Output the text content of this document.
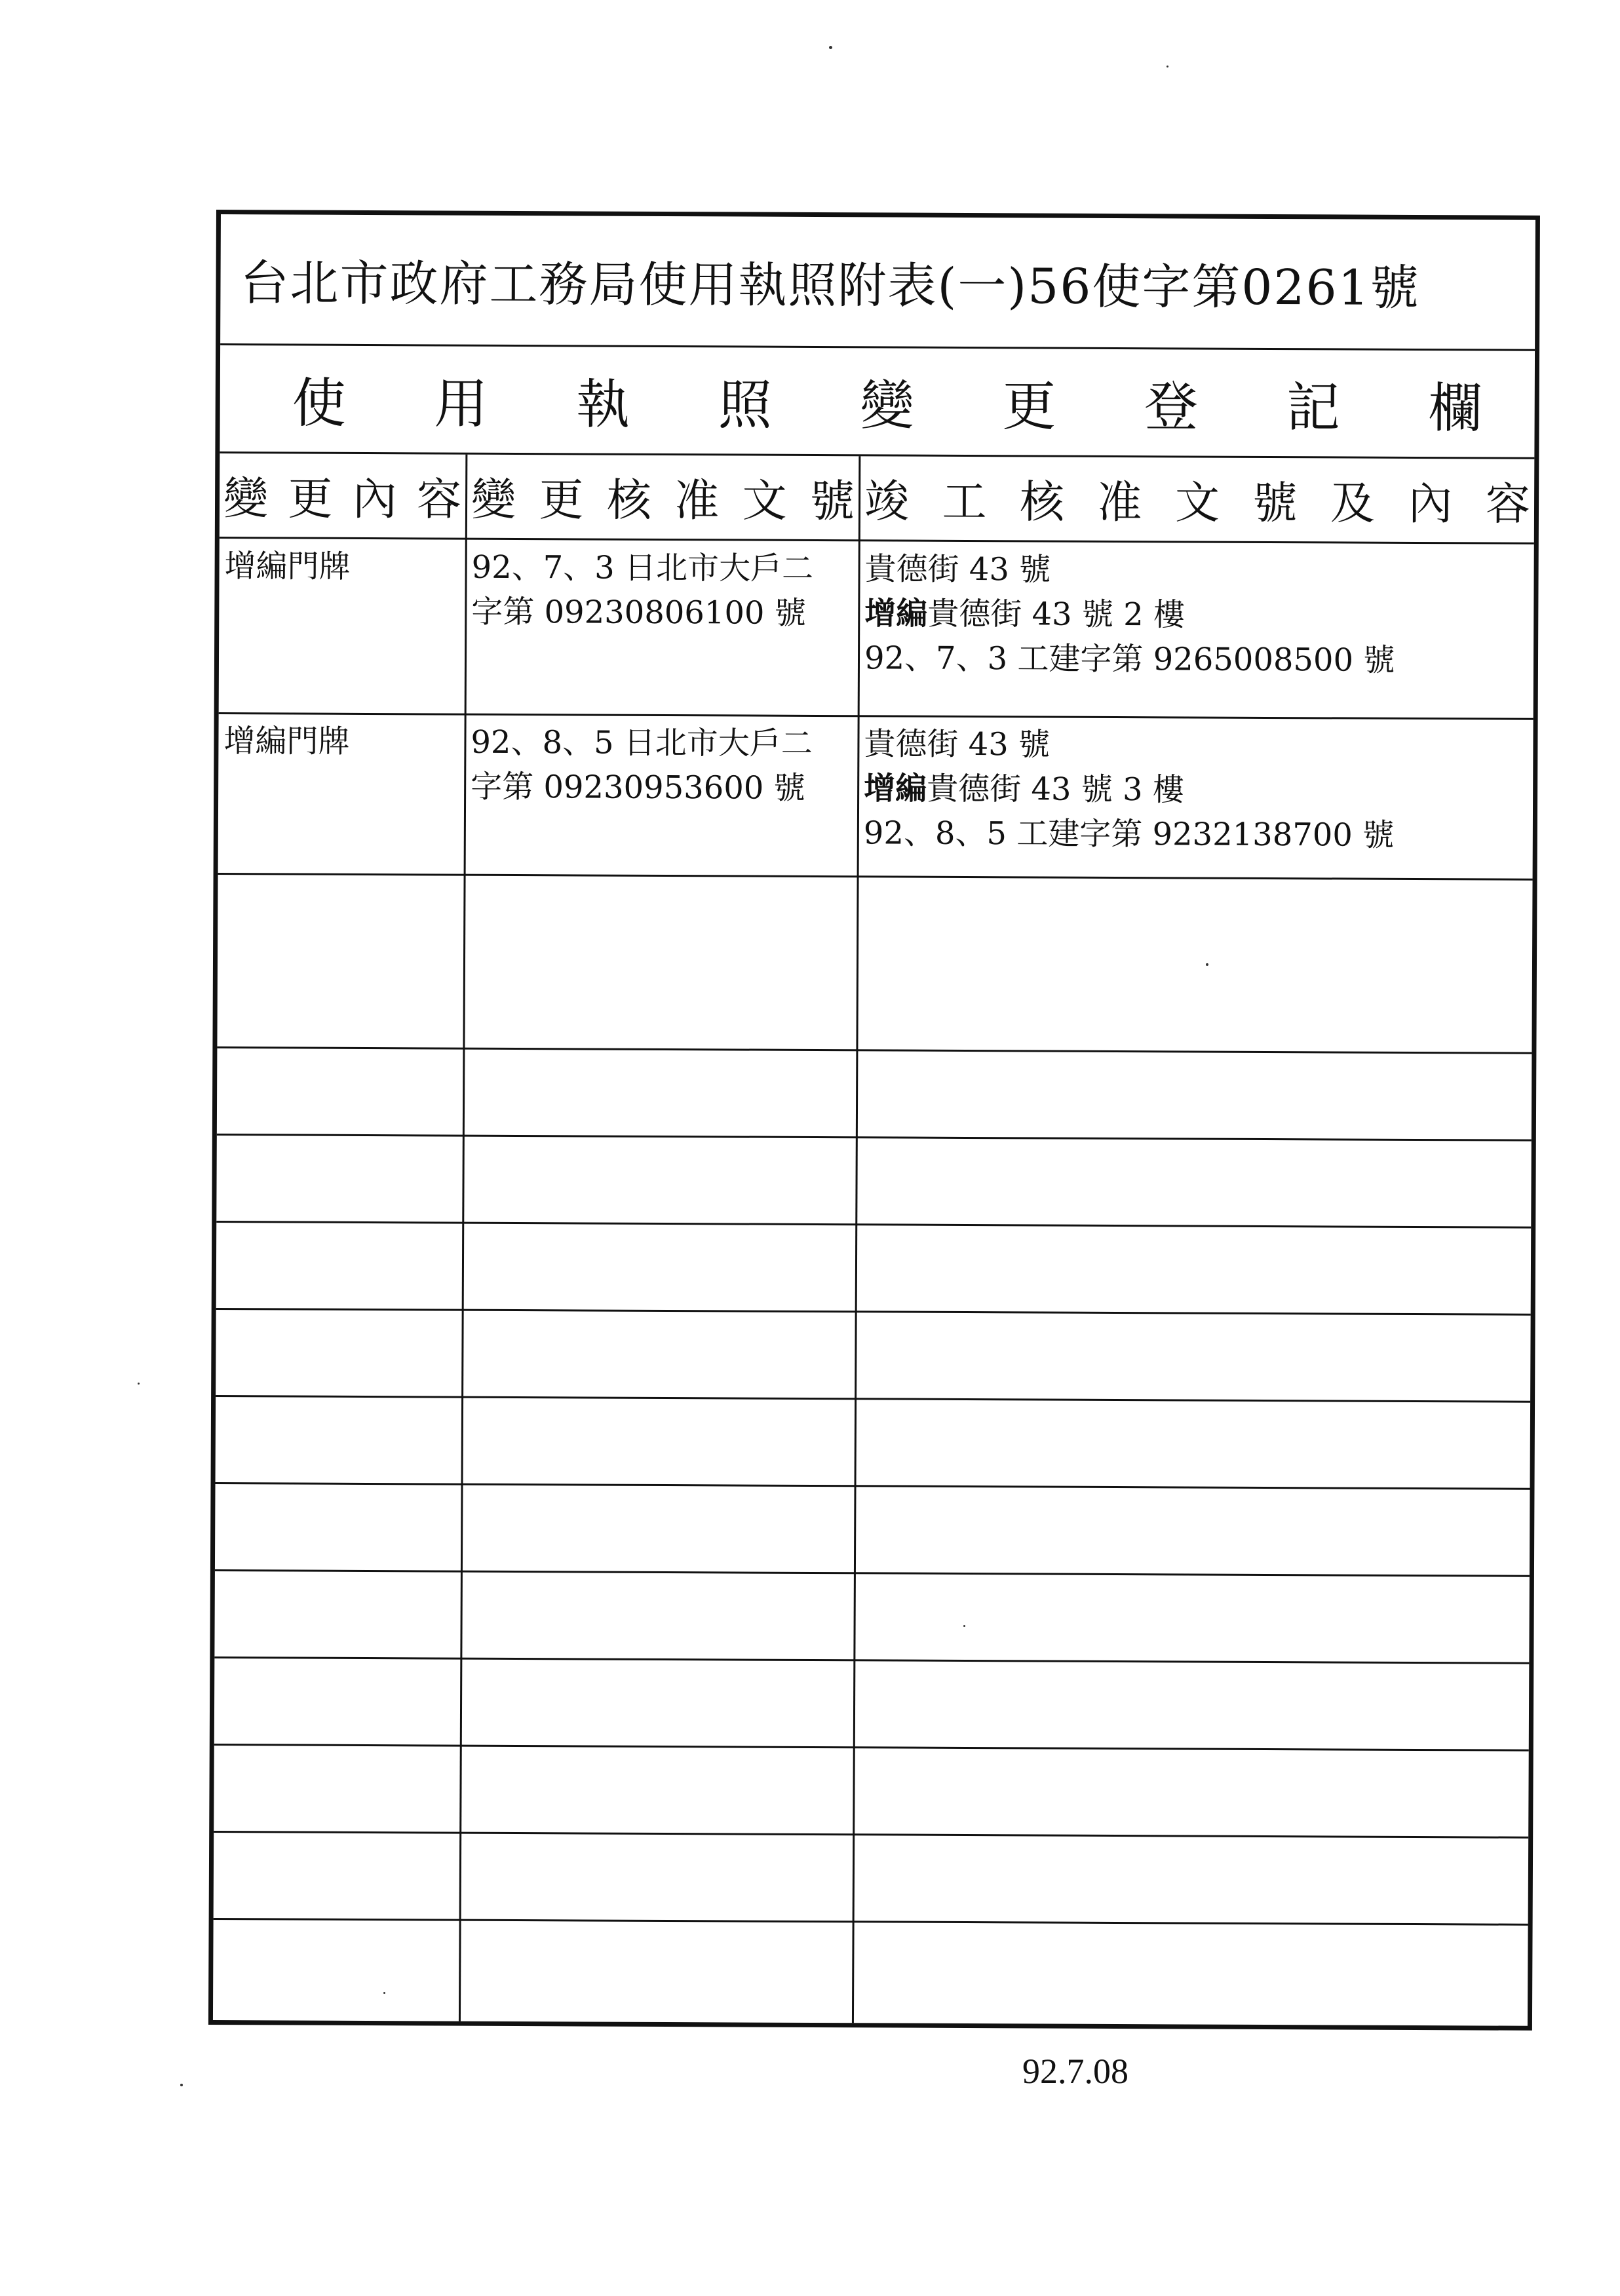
台北市政府工務局使用執照附表(一)56使字第0261號
使 用 執 照 變 更 登 記 欄
變 更 內 容 變 更 核 准 文 號 竣 工 核 准 文 號 及 內 容
增編門牌	92、7、3 日北市大戶二
字第 09230806100 號
貴德街 43 號
增編貴德街 43 號 2 樓
92、7、3 工建字第 9265008500 號
增編門牌	92、8、5 日北市大戶二
字第 09230953600 號
貴德街 43 號
增編貴德街 43 號 3 樓
92、8、5 工建字第 9232138700 號
92.7.08
